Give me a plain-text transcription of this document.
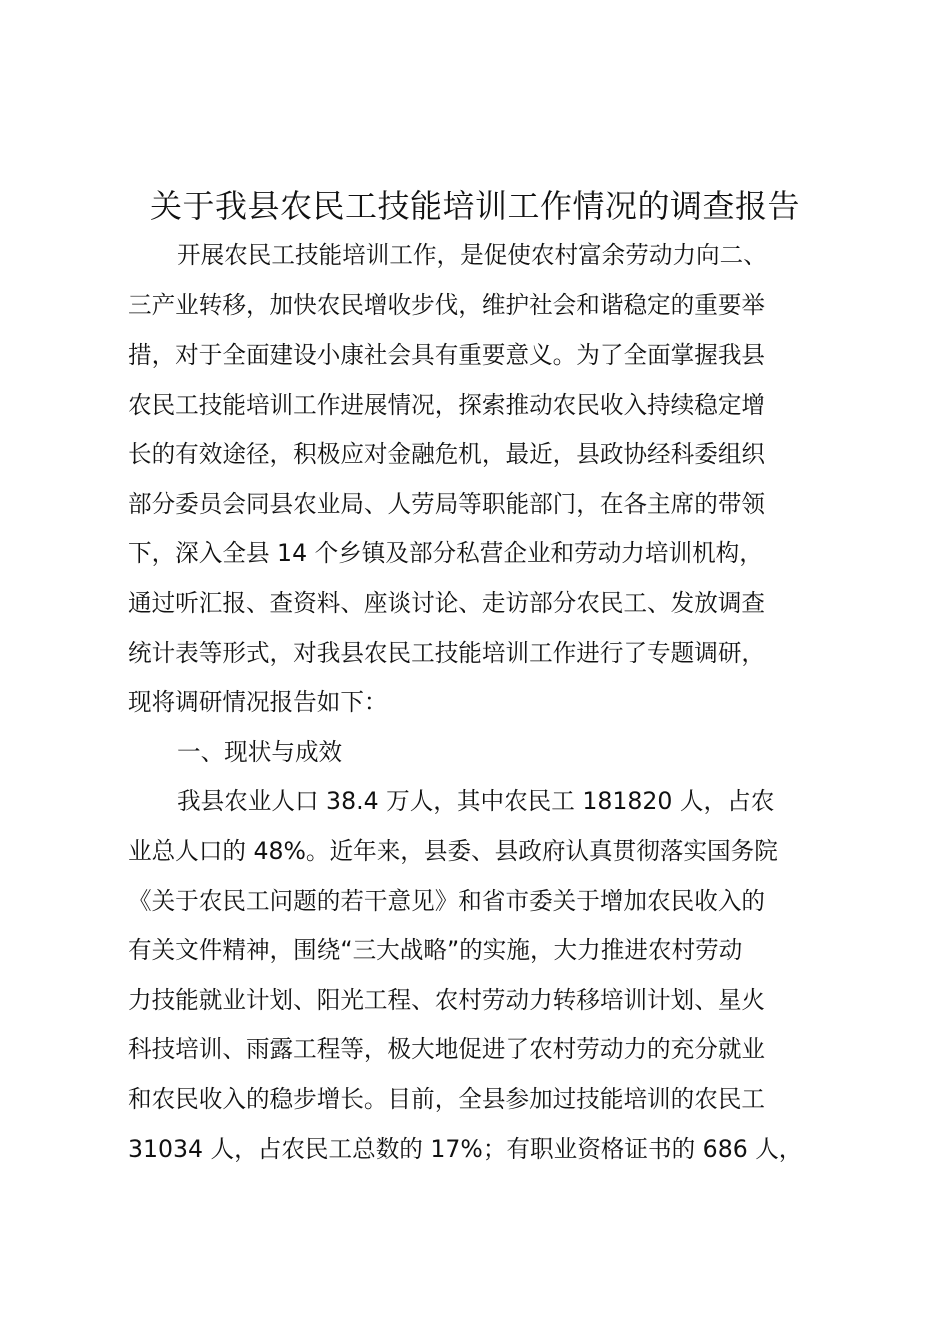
关于我县农民工技能培训工作情况的调查报告
开展农民工技能培训工作，是促使农村富余劳动力向二、
三产业转移，加快农民增收步伐，维护社会和谐稳定的重要举
措，对于全面建设小康社会具有重要意义。为了全面掌握我县
农民工技能培训工作进展情况，探索推动农民收入持续稳定增
长的有效途径，积极应对金融危机，最近，县政协经科委组织
部分委员会同县农业局、人劳局等职能部门，在各主席的带领
下，深入全县 14 个乡镇及部分私营企业和劳动力培训机构，
通过听汇报、查资料、座谈讨论、走访部分农民工、发放调查
统计表等形式，对我县农民工技能培训工作进行了专题调研，
现将调研情况报告如下：
一、现状与成效
我县农业人口 38.4 万人，其中农民工 181820 人，占农
业总人口的 48%。近年来，县委、县政府认真贯彻落实国务院
《关于农民工问题的若干意见》和省市委关于增加农民收入的
有关文件精神，围绕“三大战略”的实施，大力推进农村劳动
力技能就业计划、阳光工程、农村劳动力转移培训计划、星火
科技培训、雨露工程等，极大地促进了农村劳动力的充分就业
和农民收入的稳步增长。目前，全县参加过技能培训的农民工
31034 人，占农民工总数的 17%；有职业资格证书的 686 人，
